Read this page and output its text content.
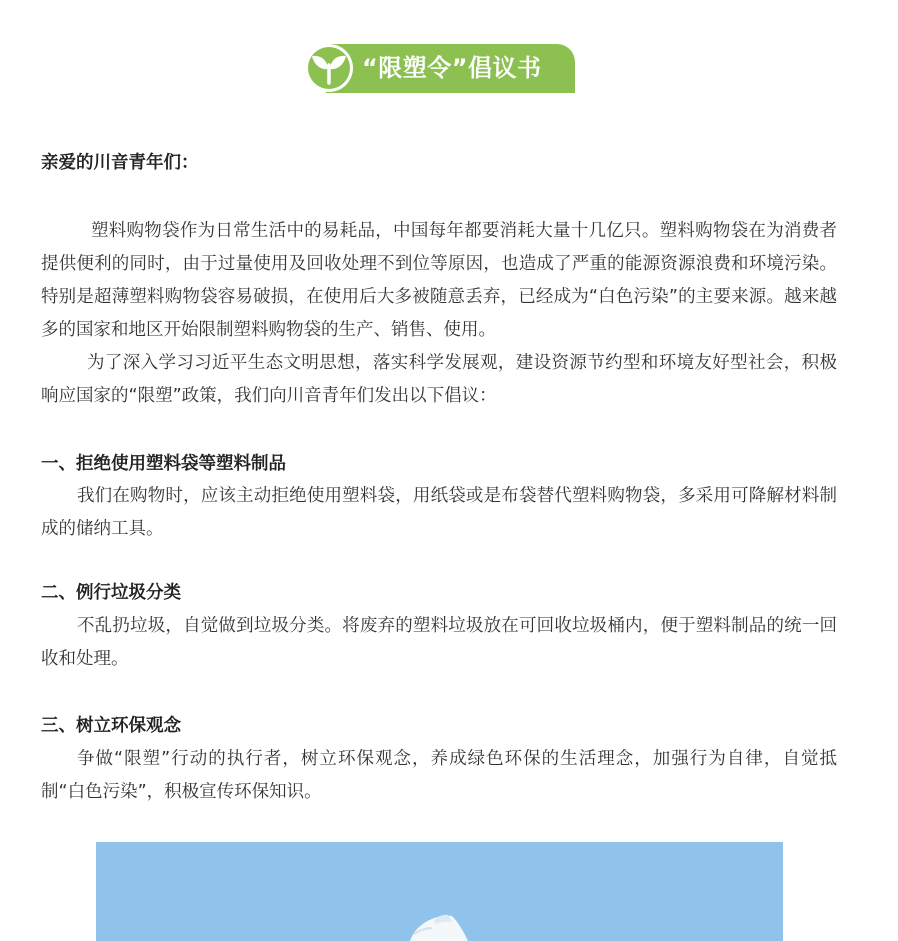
“限塑令”倡议书
亲爱的川音青年们：
塑料购物袋作为日常生活中的易耗品，中国每年都要消耗大量十几亿只。塑料购物袋在为消费者提供便利的同时，由于过量使用及回收处理不到位等原因，也造成了严重的能源资源浪费和环境污染。特别是超薄塑料购物袋容易破损，在使用后大多被随意丢弃，已经成为“白色污染”的主要来源。越来越多的国家和地区开始限制塑料购物袋的生产、销售、使用。
为了深入学习习近平生态文明思想，落实科学发展观，建设资源节约型和环境友好型社会，积极响应国家的“限塑”政策，我们向川音青年们发出以下倡议：
一、拒绝使用塑料袋等塑料制品
我们在购物时，应该主动拒绝使用塑料袋，用纸袋或是布袋替代塑料购物袋，多采用可降解材料制成的储纳工具。
二、例行垃圾分类
不乱扔垃圾，自觉做到垃圾分类。将废弃的塑料垃圾放在可回收垃圾桶内，便于塑料制品的统一回收和处理。
三、树立环保观念
争做“限塑”行动的执行者，树立环保观念，养成绿色环保的生活理念，加强行为自律，自觉抵制“白色污染”，积极宣传环保知识。
